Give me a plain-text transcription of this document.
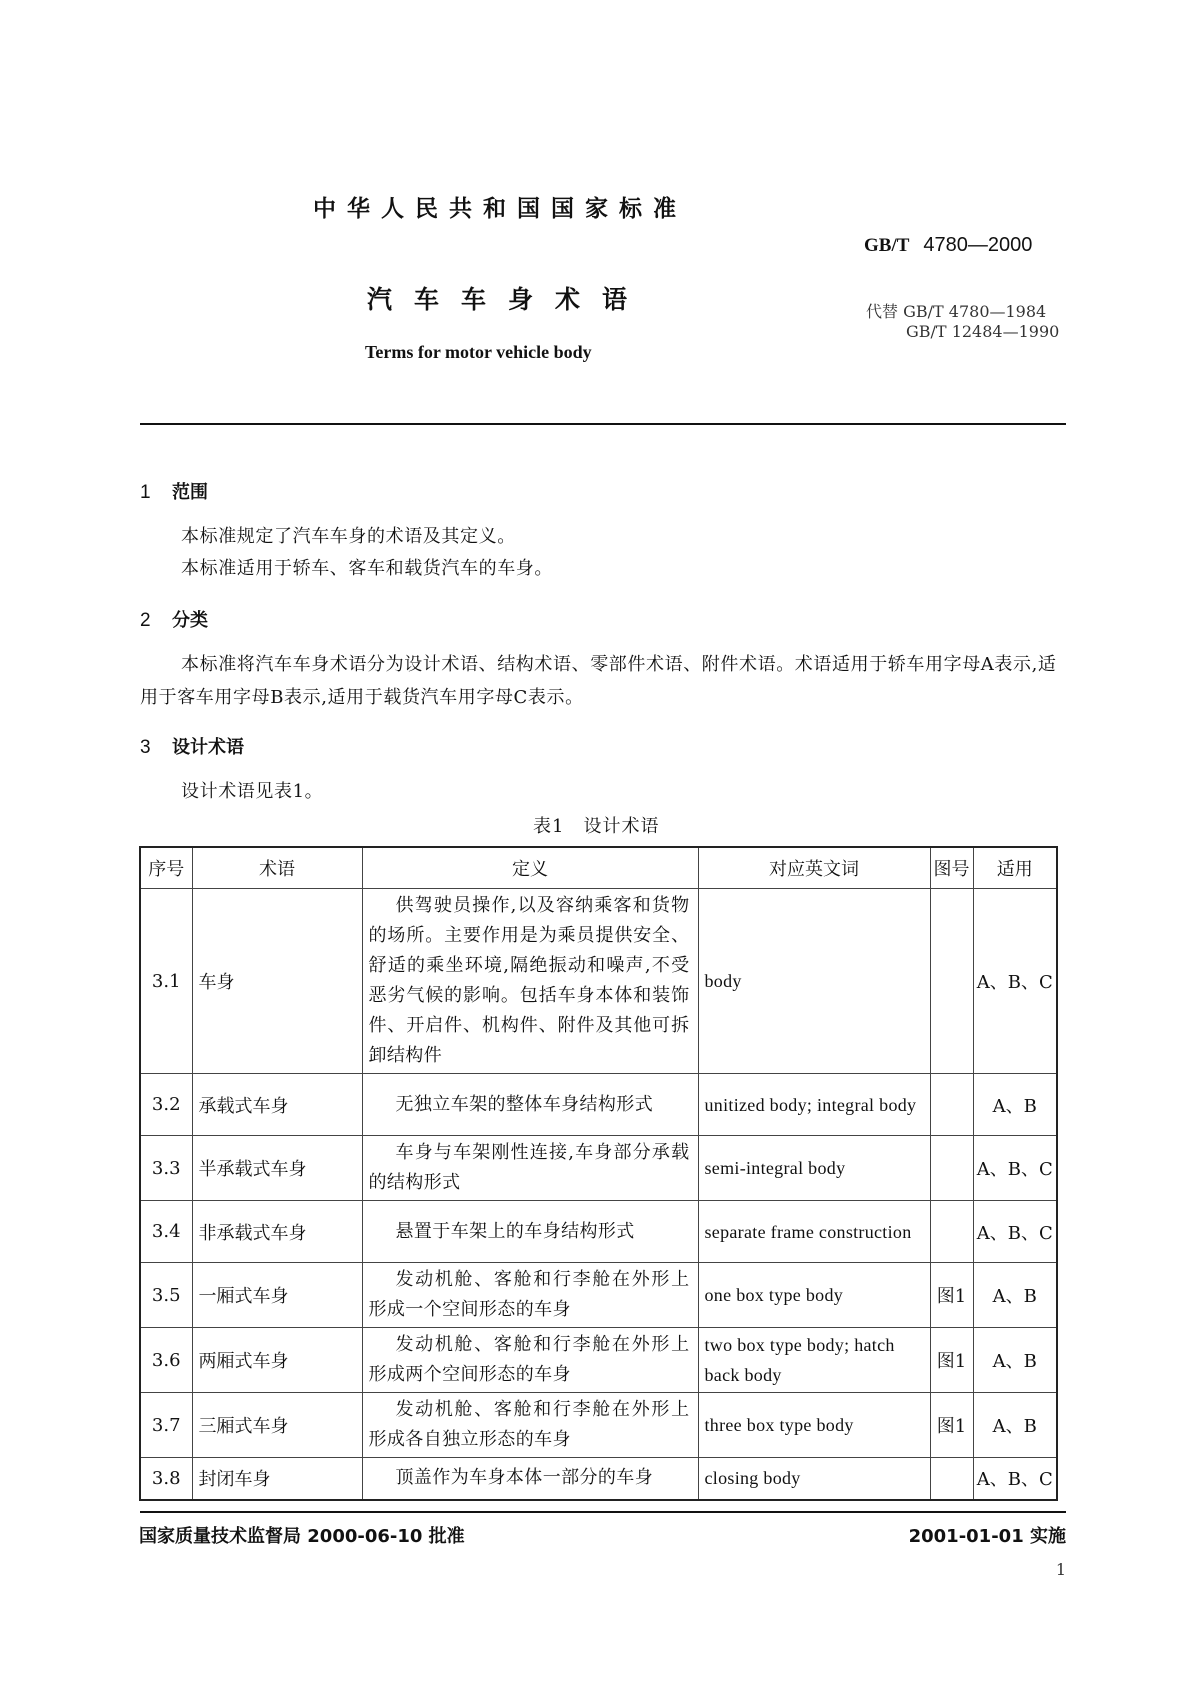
中华人民共和国国家标准
GB/T 4780—2000
汽车车身术语	代替 GB/T 4780—1984
GB/T 12484—1990
Terms for motor vehicle body
1 范围
本标准规定了汽车车身的术语及其定义。
本标准适用于轿车、客车和载货汽车的车身。
2 分类
本标准将汽车车身术语分为设计术语、结构术语、零部件术语、附件术语。术语适用于轿车用字母A表示,适用于客车用字母B表示,适用于载货汽车用字母C表示。
3 设计术语
设计术语见表1。
表1　设计术语
序号	术语	定义	对应英文词	图号	适用
3.1	车身	供驾驶员操作,以及容纳乘客和货物的场所。主要作用是为乘员提供安全、舒适的乘坐环境,隔绝振动和噪声,不受恶劣气候的影响。包括车身本体和装饰件、开启件、机构件、附件及其他可拆卸结构件	body		A、B、C
3.2	承载式车身	无独立车架的整体车身结构形式	unitized body; integral body		A、B
3.3	半承载式车身	车身与车架刚性连接,车身部分承载的结构形式	semi-integral body		A、B、C
3.4	非承载式车身	悬置于车架上的车身结构形式	separate frame construction		A、B、C
3.5	一厢式车身	发动机舱、客舱和行李舱在外形上形成一个空间形态的车身	one box type body	图1	A、B
3.6	两厢式车身	发动机舱、客舱和行李舱在外形上形成两个空间形态的车身	two box type body; hatch back body	图1	A、B
3.7	三厢式车身	发动机舱、客舱和行李舱在外形上形成各自独立形态的车身	three box type body	图1	A、B
3.8	封闭车身	顶盖作为车身本体一部分的车身	closing body		A、B、C
国家质量技术监督局 2000-06-10 批准	2001-01-01 实施
1
